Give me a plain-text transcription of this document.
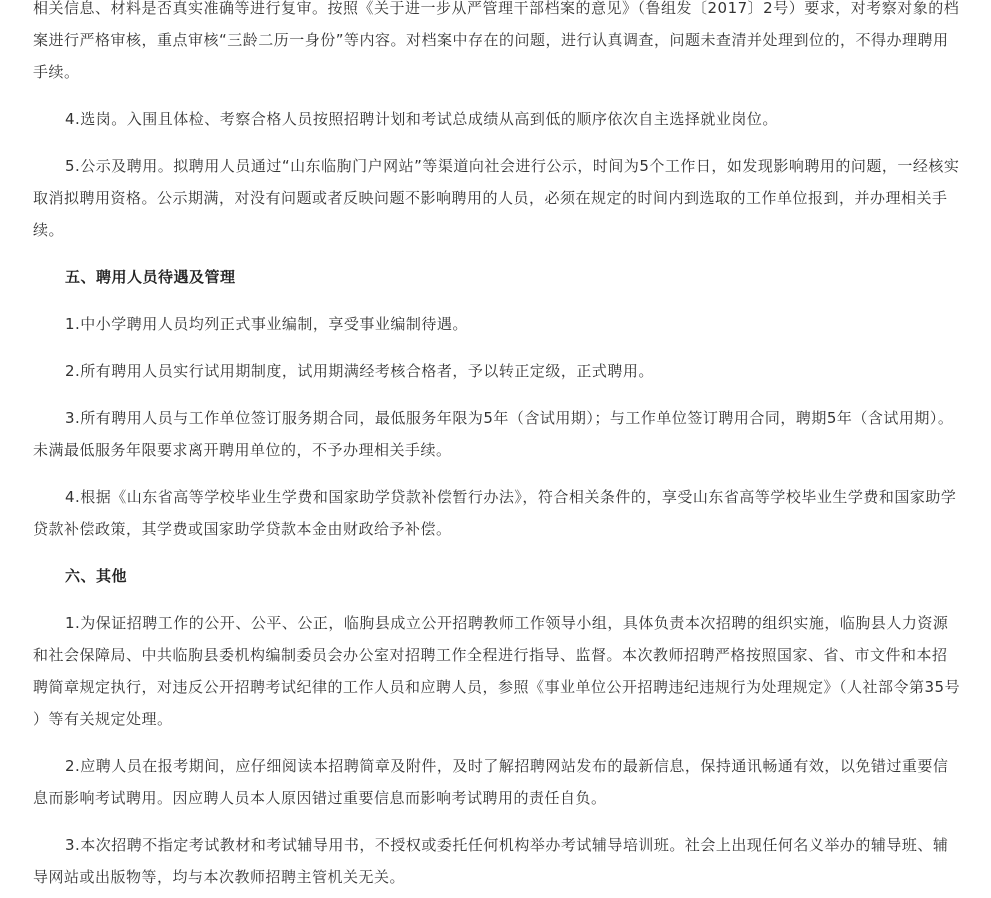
相关信息、材料是否真实准确等进行复审。按照《关于进一步从严管理干部档案的意见》（鲁组发〔2017〕2号）要求，对考察对象的档案进行严格审核，重点审核“三龄二历一身份”等内容。对档案中存在的问题，进行认真调查，问题未查清并处理到位的，不得办理聘用手续。

4.选岗。入围且体检、考察合格人员按照招聘计划和考试总成绩从高到低的顺序依次自主选择就业岗位。

5.公示及聘用。拟聘用人员通过“山东临朐门户网站”等渠道向社会进行公示，时间为5个工作日，如发现影响聘用的问题，一经核实取消拟聘用资格。公示期满，对没有问题或者反映问题不影响聘用的人员，必须在规定的时间内到选取的工作单位报到，并办理相关手续。

五、聘用人员待遇及管理

1.中小学聘用人员均列正式事业编制，享受事业编制待遇。

2.所有聘用人员实行试用期制度，试用期满经考核合格者，予以转正定级，正式聘用。

3.所有聘用人员与工作单位签订服务期合同，最低服务年限为5年（含试用期）；与工作单位签订聘用合同，聘期5年（含试用期）。未满最低服务年限要求离开聘用单位的，不予办理相关手续。

4.根据《山东省高等学校毕业生学费和国家助学贷款补偿暂行办法》，符合相关条件的，享受山东省高等学校毕业生学费和国家助学贷款补偿政策，其学费或国家助学贷款本金由财政给予补偿。

六、其他

1.为保证招聘工作的公开、公平、公正，临朐县成立公开招聘教师工作领导小组，具体负责本次招聘的组织实施，临朐县人力资源和社会保障局、中共临朐县委机构编制委员会办公室对招聘工作全程进行指导、监督。本次教师招聘严格按照国家、省、市文件和本招聘简章规定执行，对违反公开招聘考试纪律的工作人员和应聘人员，参照《事业单位公开招聘违纪违规行为处理规定》（人社部令第35号）等有关规定处理。

2.应聘人员在报考期间，应仔细阅读本招聘简章及附件，及时了解招聘网站发布的最新信息，保持通讯畅通有效，以免错过重要信息而影响考试聘用。因应聘人员本人原因错过重要信息而影响考试聘用的责任自负。

3.本次招聘不指定考试教材和考试辅导用书，不授权或委托任何机构举办考试辅导培训班。社会上出现任何名义举办的辅导班、辅导网站或出版物等，均与本次教师招聘主管机关无关。
